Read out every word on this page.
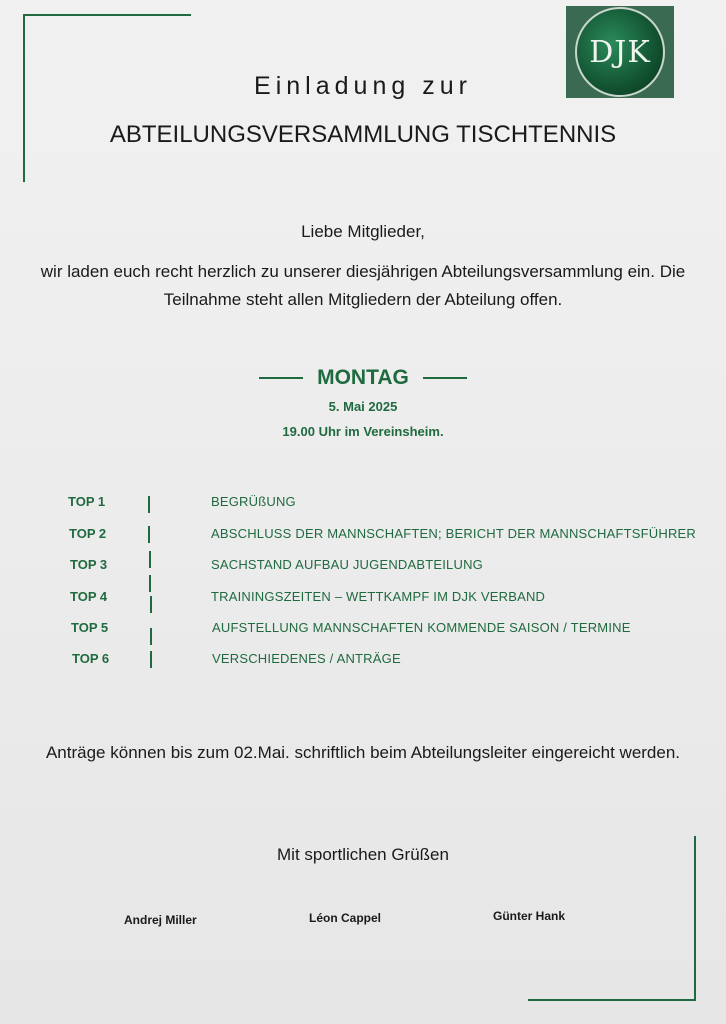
DJK
Einladung zur
ABTEILUNGSVERSAMMLUNG TISCHTENNIS
Liebe Mitglieder,
wir laden euch recht herzlich zu unserer diesjährigen Abteilungsversammlung ein. Die Teilnahme steht allen Mitgliedern der Abteilung offen.
MONTAG
5. Mai 2025
19.00 Uhr im Vereinsheim.
TOP 1	BEGRÜßUNG
TOP 2	ABSCHLUSS DER MANNSCHAFTEN; BERICHT DER MANNSCHAFTSFÜHRER
TOP 3	SACHSTAND AUFBAU JUGENDABTEILUNG
TOP 4	TRAININGSZEITEN – WETTKAMPF IM DJK VERBAND
TOP 5	AUFSTELLUNG MANNSCHAFTEN KOMMENDE SAISON / TERMINE
TOP 6	VERSCHIEDENES / ANTRÄGE
Anträge können bis zum 02.Mai. schriftlich beim Abteilungsleiter eingereicht werden.
Mit sportlichen Grüßen
Andrej Miller	Léon Cappel	Günter Hank
